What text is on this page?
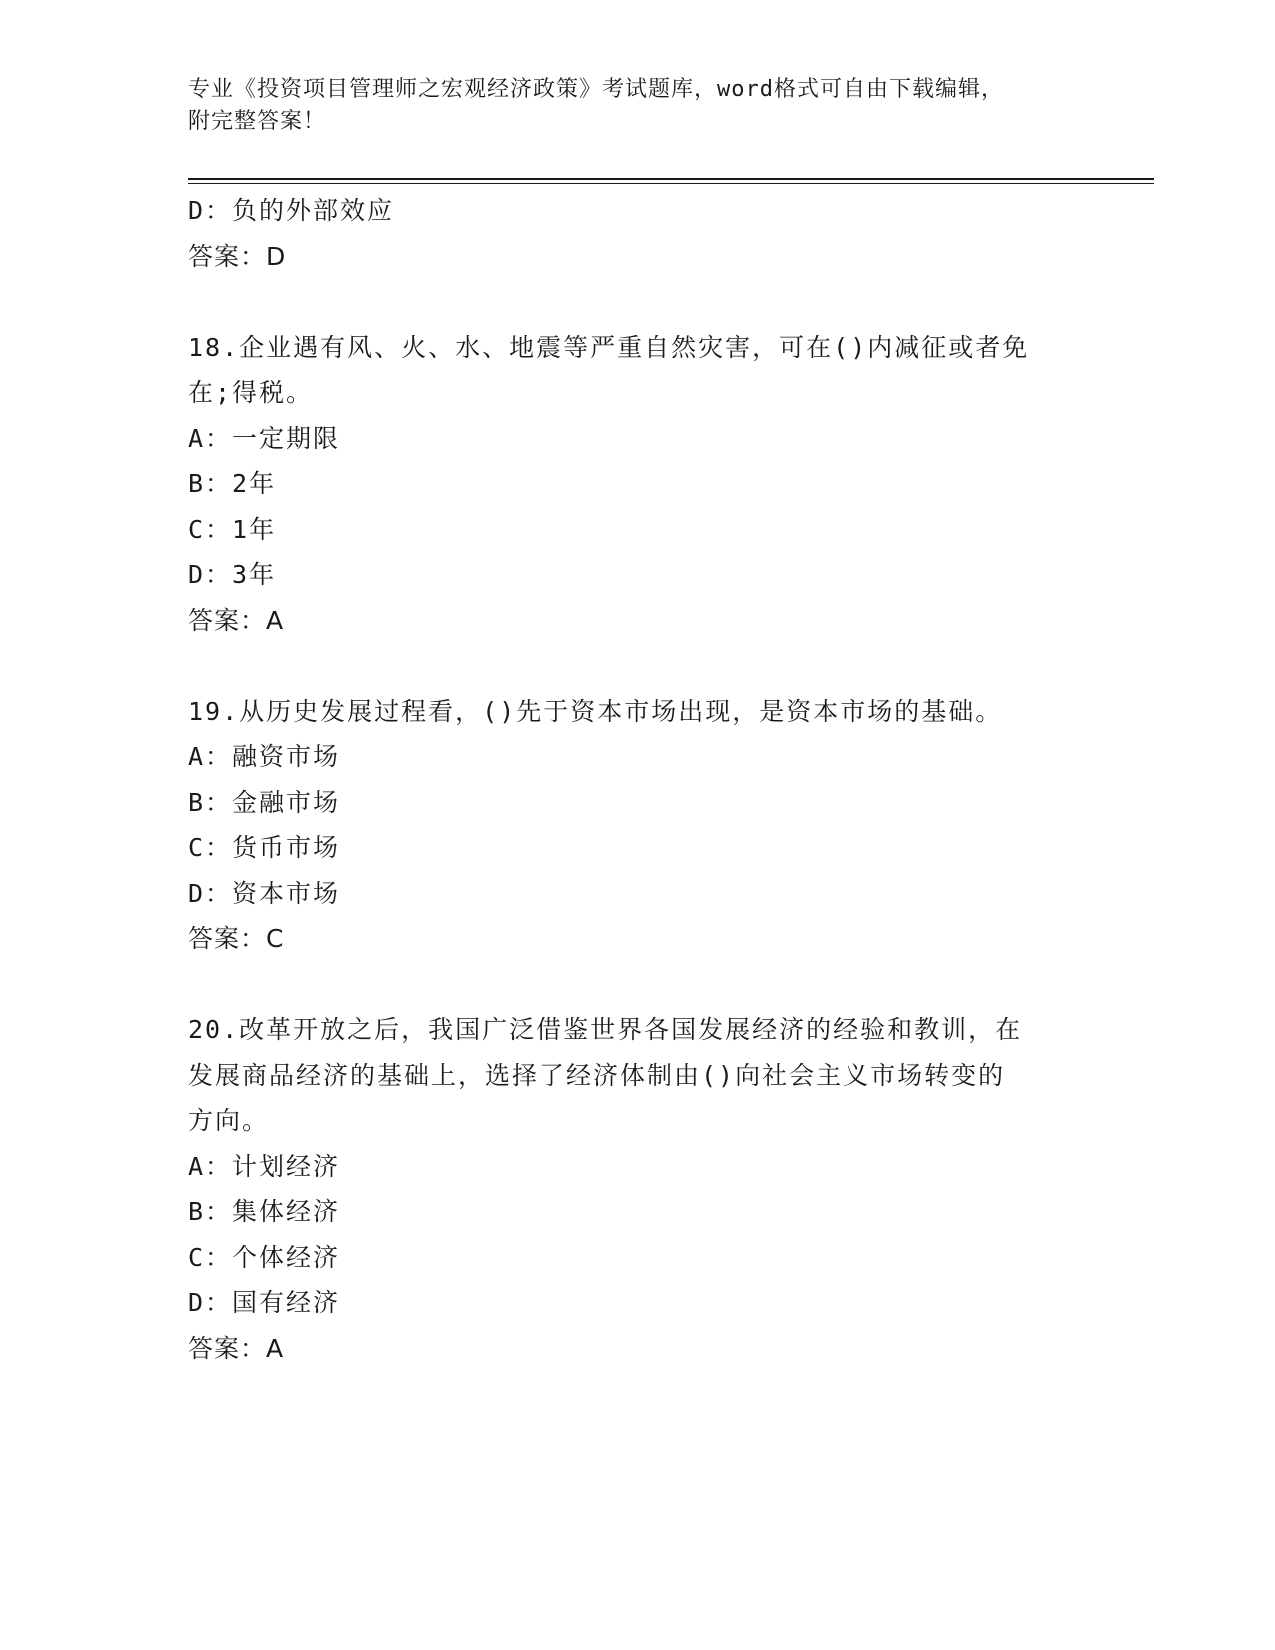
专业《投资项目管理师之宏观经济政策》考试题库，word格式可自由下载编辑，
附完整答案！
D：负的外部效应
答案：D
18.企业遇有风、火、水、地震等严重自然灾害，可在()内减征或者免
在;得税。
A：一定期限
B：2年
C：1年
D：3年
答案：A
19.从历史发展过程看，()先于资本市场出现，是资本市场的基础。
A：融资市场
B：金融市场
C：货币市场
D：资本市场
答案：C
20.改革开放之后，我国广泛借鉴世界各国发展经济的经验和教训，在
发展商品经济的基础上，选择了经济体制由()向社会主义市场转变的
方向。
A：计划经济
B：集体经济
C：个体经济
D：国有经济
答案：A
